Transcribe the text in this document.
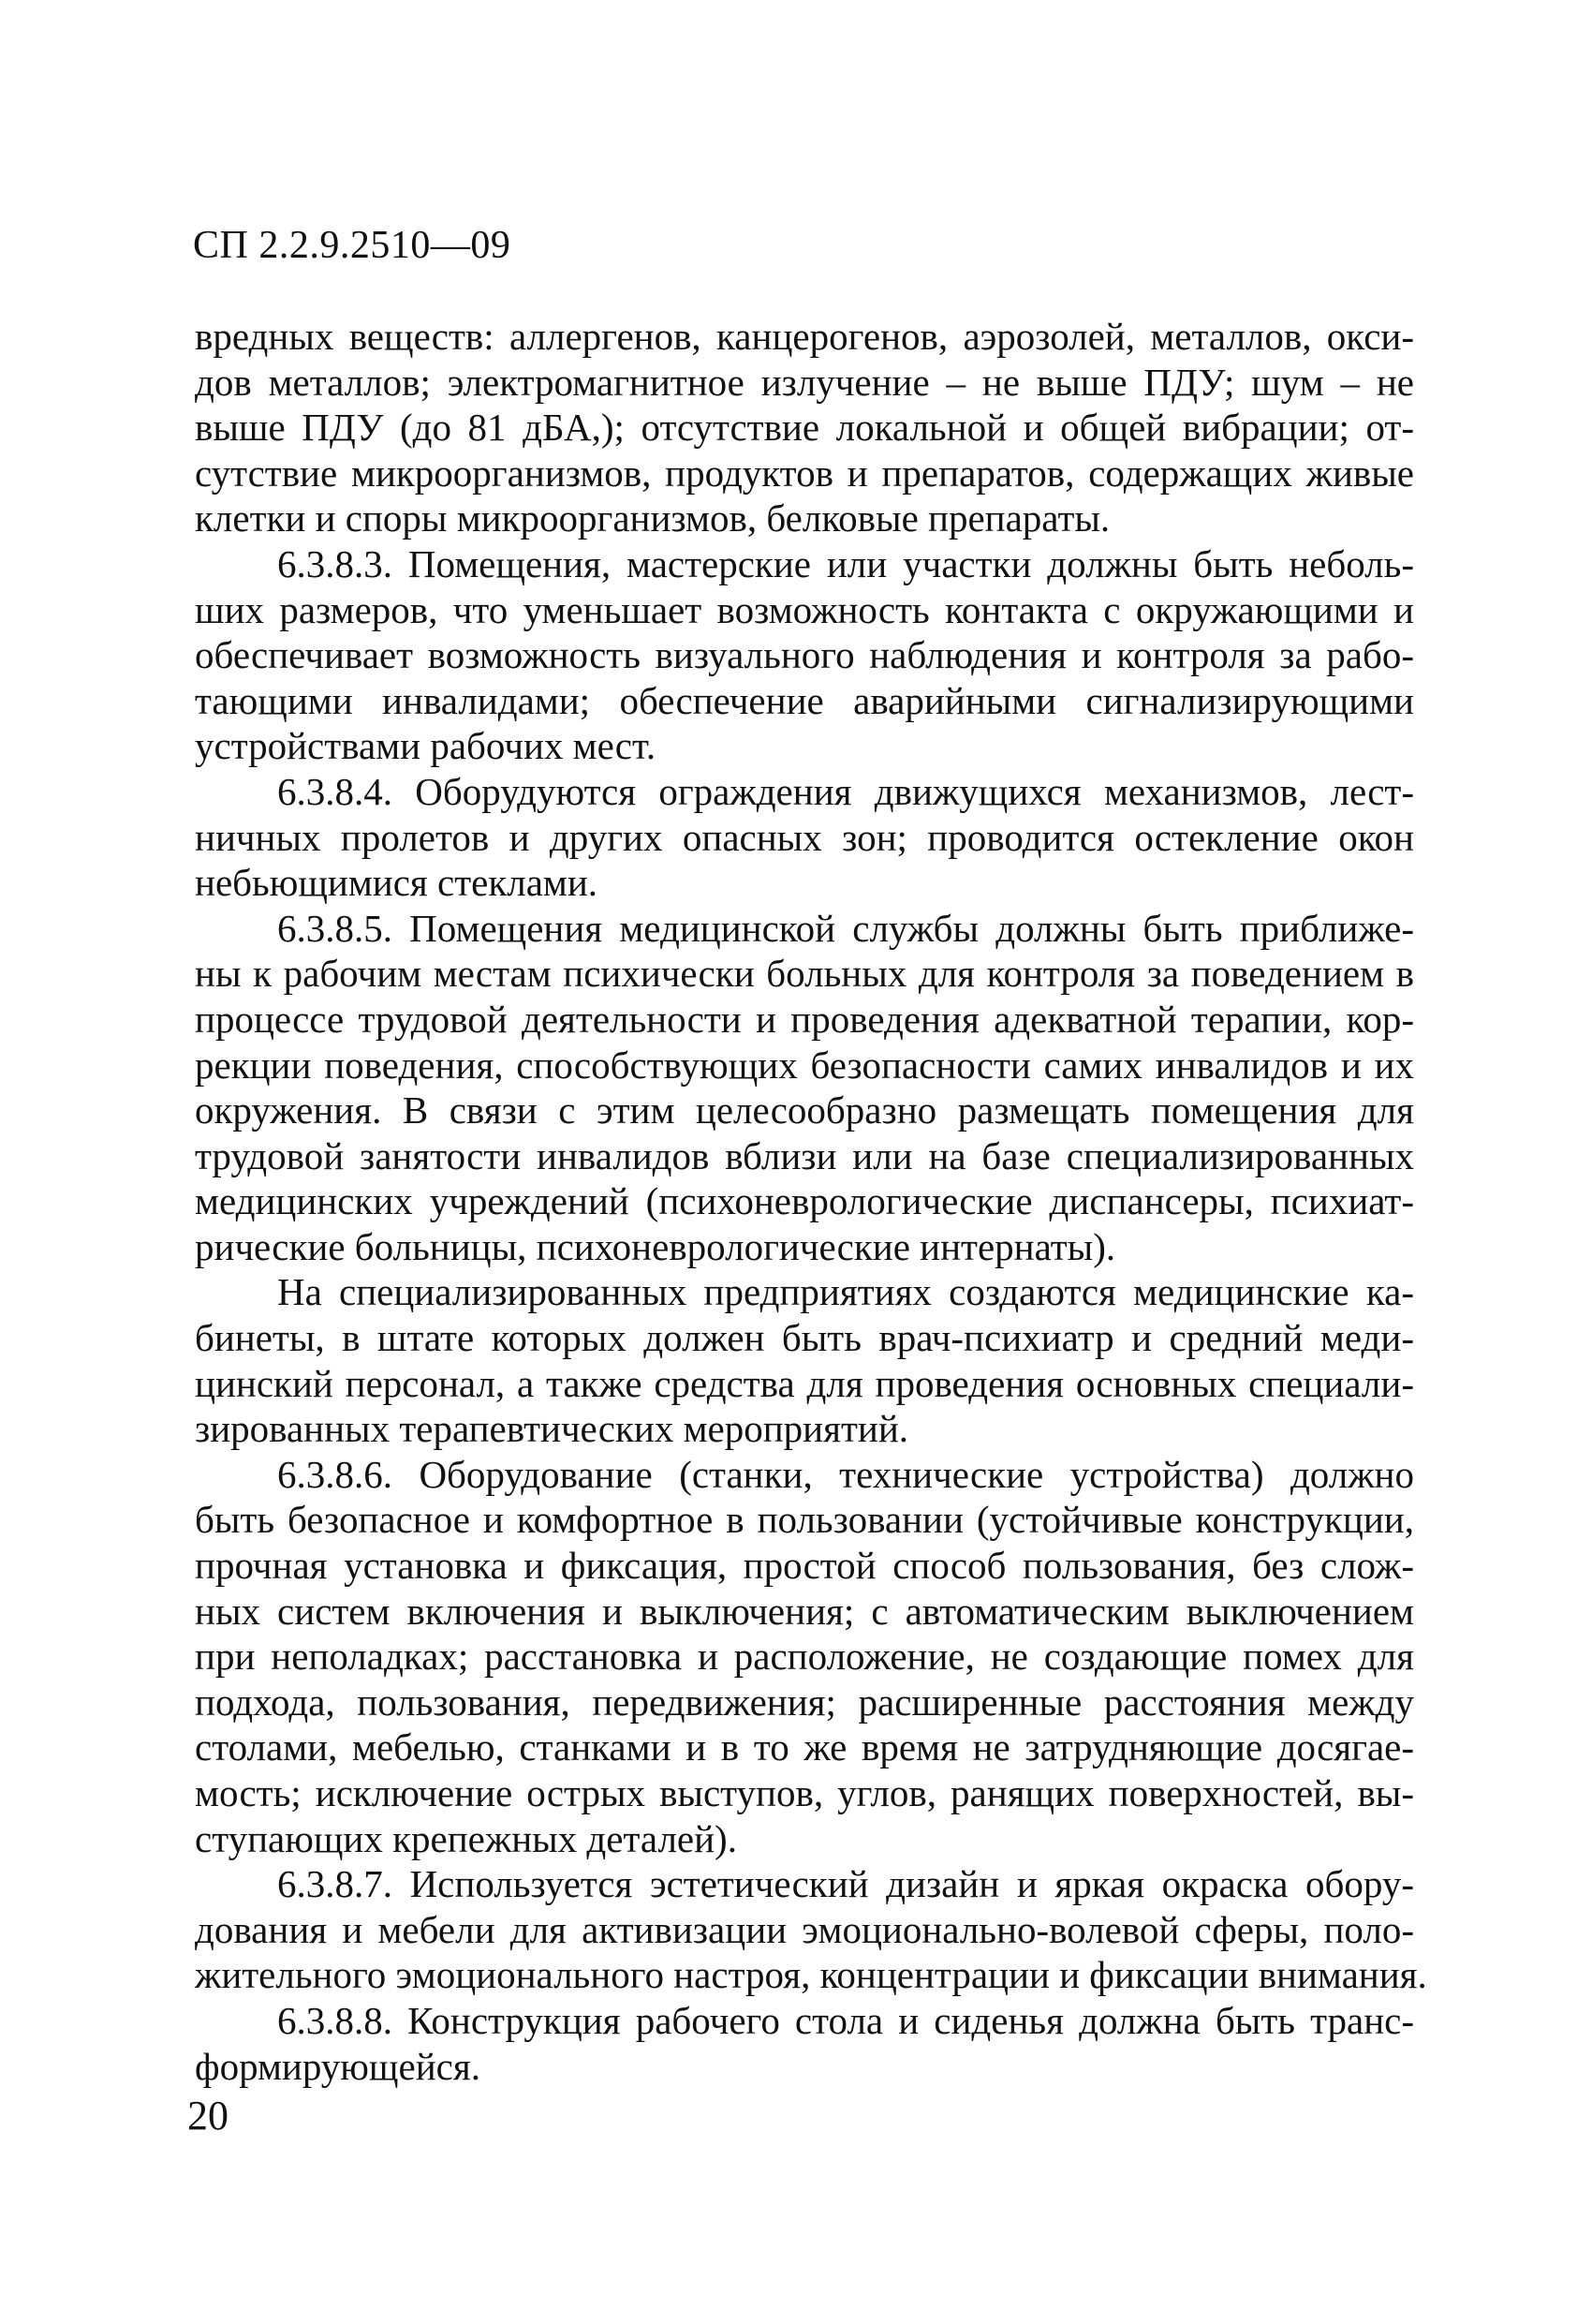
СП 2.2.9.2510—09
вредных веществ: аллергенов, канцерогенов, аэрозолей, металлов, окси-
дов металлов; электромагнитное излучение – не выше ПДУ; шум – не
выше ПДУ (до 81 дБА,); отсутствие локальной и общей вибрации; от-
сутствие микроорганизмов, продуктов и препаратов, содержащих живые
клетки и споры микроорганизмов, белковые препараты.
6.3.8.3. Помещения, мастерские или участки должны быть неболь-
ших размеров, что уменьшает возможность контакта с окружающими и
обеспечивает возможность визуального наблюдения и контроля за рабо-
тающими инвалидами; обеспечение аварийными сигнализирующими
устройствами рабочих мест.
6.3.8.4. Оборудуются ограждения движущихся механизмов, лест-
ничных пролетов и других опасных зон; проводится остекление окон
небьющимися стеклами.
6.3.8.5. Помещения медицинской службы должны быть приближе-
ны к рабочим местам психически больных для контроля за поведением в
процессе трудовой деятельности и проведения адекватной терапии, кор-
рекции поведения, способствующих безопасности самих инвалидов и их
окружения. В связи с этим целесообразно размещать помещения для
трудовой занятости инвалидов вблизи или на базе специализированных
медицинских учреждений (психоневрологические диспансеры, психиат-
рические больницы, психоневрологические интернаты).
На специализированных предприятиях создаются медицинские ка-
бинеты, в штате которых должен быть врач-психиатр и средний меди-
цинский персонал, а также средства для проведения основных специали-
зированных терапевтических мероприятий.
6.3.8.6. Оборудование (станки, технические устройства) должно
быть безопасное и комфортное в пользовании (устойчивые конструкции,
прочная установка и фиксация, простой способ пользования, без слож-
ных систем включения и выключения; с автоматическим выключением
при неполадках; расстановка и расположение, не создающие помех для
подхода, пользования, передвижения; расширенные расстояния между
столами, мебелью, станками и в то же время не затрудняющие досягае-
мость; исключение острых выступов, углов, ранящих поверхностей, вы-
ступающих крепежных деталей).
6.3.8.7. Используется эстетический дизайн и яркая окраска обору-
дования и мебели для активизации эмоционально-волевой сферы, поло-
жительного эмоционального настроя, концентрации и фиксации внимания.
6.3.8.8. Конструкция рабочего стола и сиденья должна быть транс-
формирующейся.
20
